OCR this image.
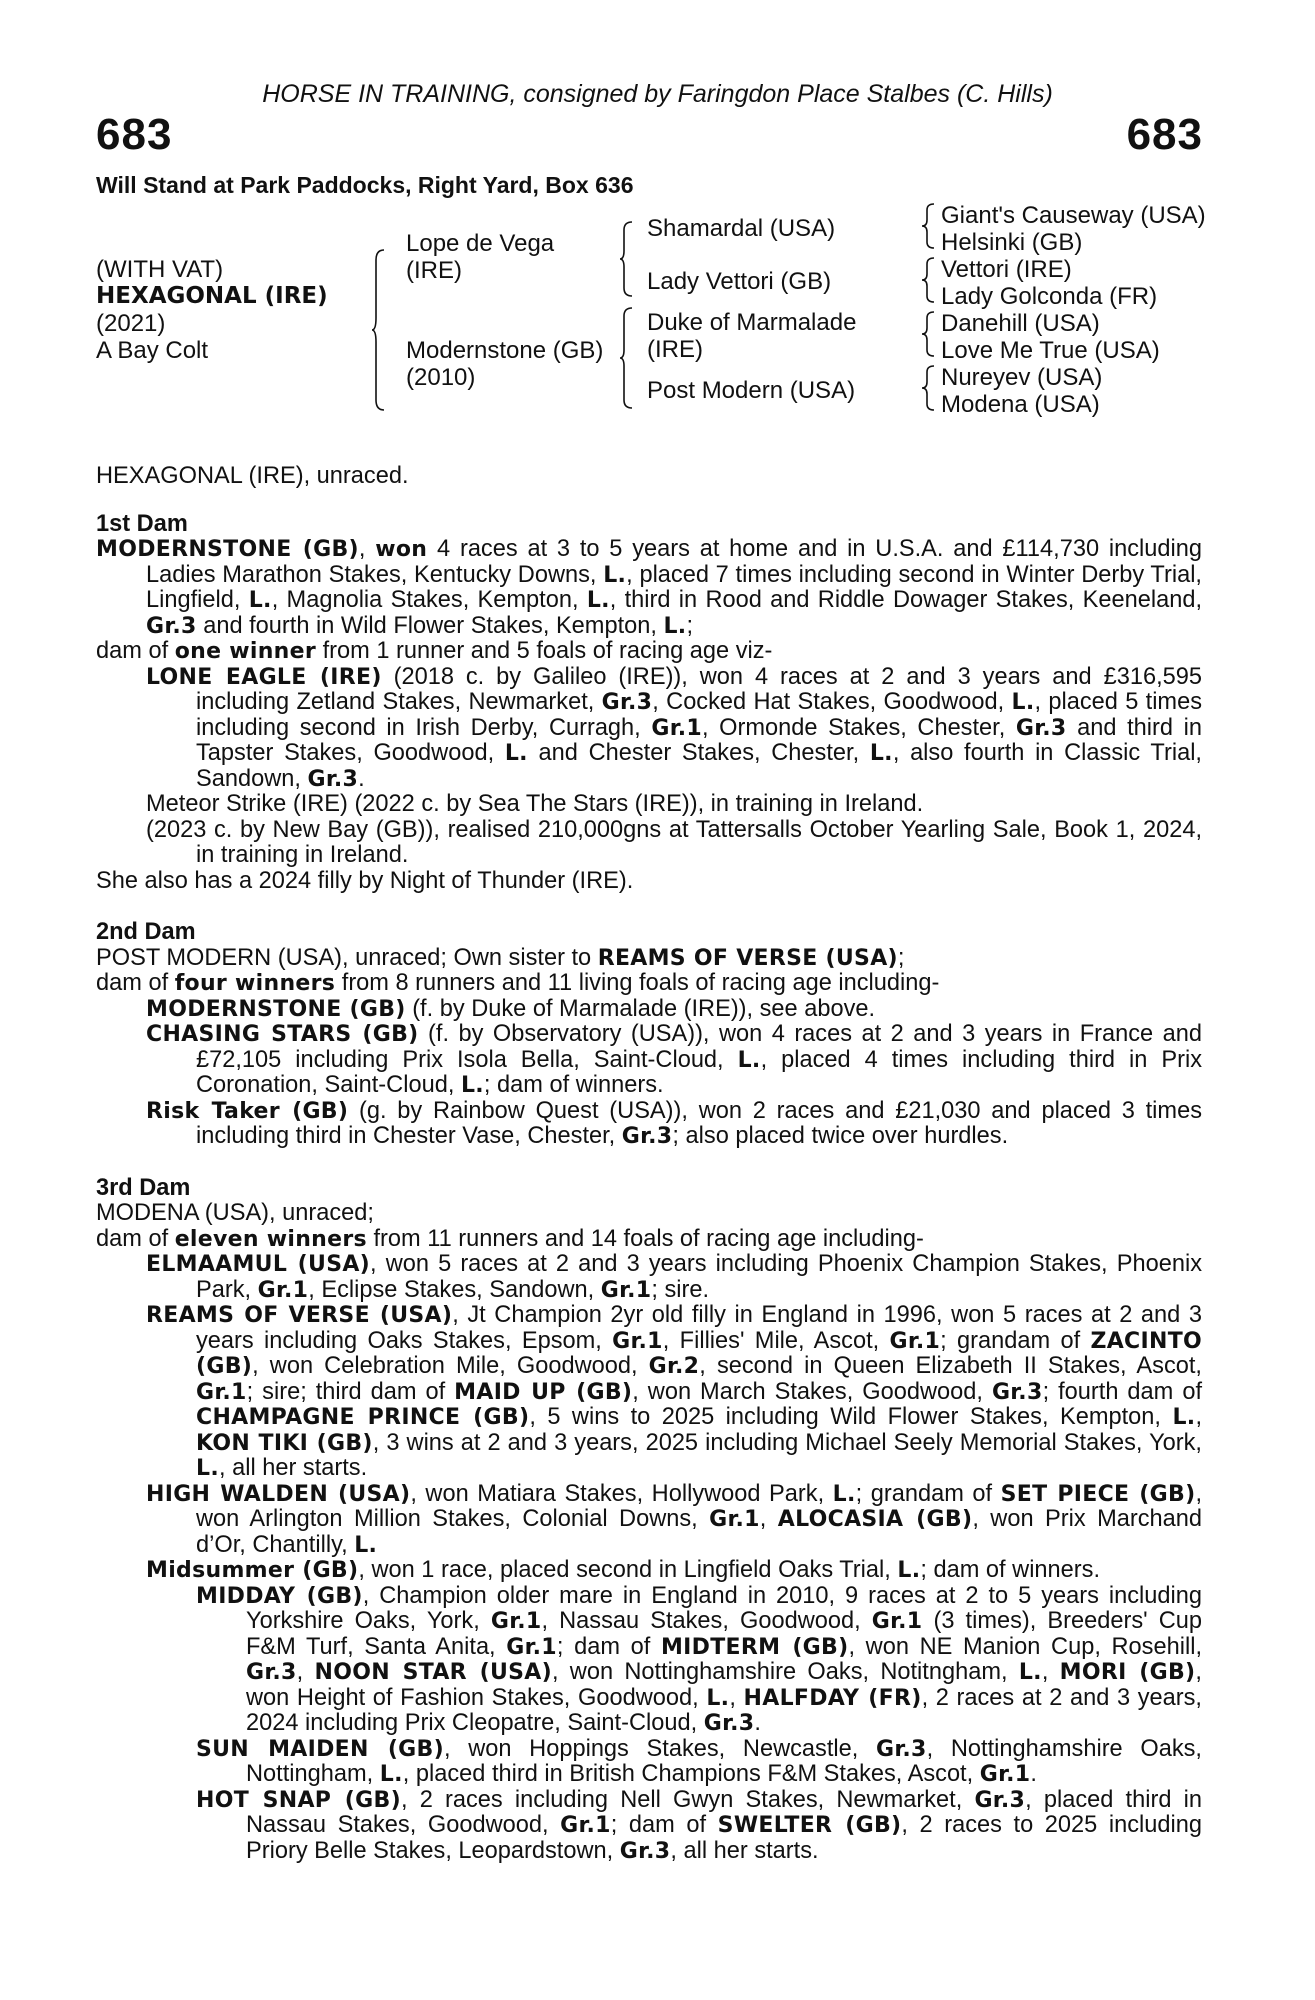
HORSE IN TRAINING, consigned by Faringdon Place Stalbes (C. Hills)
683	683
Will Stand at Park Paddocks, Right Yard, Box 636
(WITH VAT)
HEXAGONAL (IRE)
(2021)
A Bay Colt
Lope de Vega
(IRE)
Modernstone (GB)
(2010)
Shamardal (USA)
Lady Vettori (GB)
Duke of Marmalade
(IRE)
Post Modern (USA)
Giant's Causeway (USA)
Helsinki (GB)
Vettori (IRE)
Lady Golconda (FR)
Danehill (USA)
Love Me True (USA)
Nureyev (USA)
Modena (USA)

HEXAGONAL (IRE), unraced.

1st Dam

MODERNSTONE (GB), won 4 races at 3 to 5 years at home and in U.S.A. and £114,730 including Ladies Marathon Stakes, Kentucky Downs, L., placed 7 times including second in Winter Derby Trial, Lingfield, L., Magnolia Stakes, Kempton, L., third in Rood and Riddle Dowager Stakes, Keeneland, Gr.3 and fourth in Wild Flower Stakes, Kempton, L.;

dam of one winner from 1 runner and 5 foals of racing age viz-

LONE EAGLE (IRE) (2018 c. by Galileo (IRE)), won 4 races at 2 and 3 years and £316,595 including Zetland Stakes, Newmarket, Gr.3, Cocked Hat Stakes, Goodwood, L., placed 5 times including second in Irish Derby, Curragh, Gr.1, Ormonde Stakes, Chester, Gr.3 and third in Tapster Stakes, Goodwood, L. and Chester Stakes, Chester, L., also fourth in Classic Trial, Sandown, Gr.3.

Meteor Strike (IRE) (2022 c. by Sea The Stars (IRE)), in training in Ireland.

(2023 c. by New Bay (GB)), realised 210,000gns at Tattersalls October Yearling Sale, Book 1, 2024, in training in Ireland.

She also has a 2024 filly by Night of Thunder (IRE).

2nd Dam

POST MODERN (USA), unraced; Own sister to REAMS OF VERSE (USA);

dam of four winners from 8 runners and 11 living foals of racing age including-

MODERNSTONE (GB) (f. by Duke of Marmalade (IRE)), see above.

CHASING STARS (GB) (f. by Observatory (USA)), won 4 races at 2 and 3 years in France and £72,105 including Prix Isola Bella, Saint-Cloud, L., placed 4 times including third in Prix Coronation, Saint-Cloud, L.; dam of winners.

Risk Taker (GB) (g. by Rainbow Quest (USA)), won 2 races and £21,030 and placed 3 times including third in Chester Vase, Chester, Gr.3; also placed twice over hurdles.

3rd Dam

MODENA (USA), unraced;

dam of eleven winners from 11 runners and 14 foals of racing age including-

ELMAAMUL (USA), won 5 races at 2 and 3 years including Phoenix Champion Stakes, Phoenix Park, Gr.1, Eclipse Stakes, Sandown, Gr.1; sire.

REAMS OF VERSE (USA), Jt Champion 2yr old filly in England in 1996, won 5 races at 2 and 3 years including Oaks Stakes, Epsom, Gr.1, Fillies' Mile, Ascot, Gr.1; grandam of ZACINTO (GB), won Celebration Mile, Goodwood, Gr.2, second in Queen Elizabeth II Stakes, Ascot, Gr.1; sire; third dam of MAID UP (GB), won March Stakes, Goodwood, Gr.3; fourth dam of CHAMPAGNE PRINCE (GB), 5 wins to 2025 including Wild Flower Stakes, Kempton, L., KON TIKI (GB), 3 wins at 2 and 3 years, 2025 including Michael Seely Memorial Stakes, York, L., all her starts.

HIGH WALDEN (USA), won Matiara Stakes, Hollywood Park, L.; grandam of SET PIECE (GB), won Arlington Million Stakes, Colonial Downs, Gr.1, ALOCASIA (GB), won Prix Marchand d’Or, Chantilly, L.

Midsummer (GB), won 1 race, placed second in Lingfield Oaks Trial, L.; dam of winners.

MIDDAY (GB), Champion older mare in England in 2010, 9 races at 2 to 5 years including Yorkshire Oaks, York, Gr.1, Nassau Stakes, Goodwood, Gr.1 (3 times), Breeders' Cup F&M Turf, Santa Anita, Gr.1; dam of MIDTERM (GB), won NE Manion Cup, Rosehill, Gr.3, NOON STAR (USA), won Nottinghamshire Oaks, Notitngham, L., MORI (GB), won Height of Fashion Stakes, Goodwood, L., HALFDAY (FR), 2 races at 2 and 3 years, 2024 including Prix Cleopatre, Saint-Cloud, Gr.3.

SUN MAIDEN (GB), won Hoppings Stakes, Newcastle, Gr.3, Nottinghamshire Oaks, Nottingham, L., placed third in British Champions F&M Stakes, Ascot, Gr.1.

HOT SNAP (GB), 2 races including Nell Gwyn Stakes, Newmarket, Gr.3, placed third in Nassau Stakes, Goodwood, Gr.1; dam of SWELTER (GB), 2 races to 2025 including Priory Belle Stakes, Leopardstown, Gr.3, all her starts.
